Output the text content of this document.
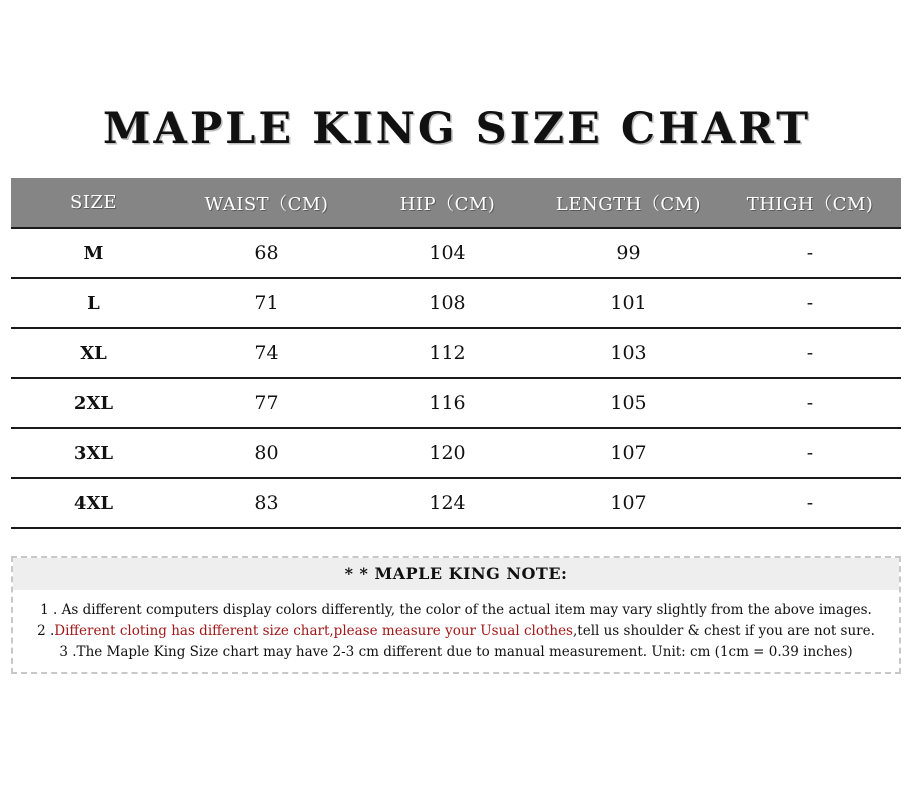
MAPLE KING SIZE CHART
SIZE	WAIST（CM)	HIP（CM)	LENGTH（CM)	THIGH（CM)
M	68	104	99	-
L	71	108	101	-
XL	74	112	103	-
2XL	77	116	105	-
3XL	80	120	107	-
4XL	83	124	107	-
* * MAPLE KING NOTE:
1 . As different computers display colors differently, the color of the actual item may vary slightly from the above images.
2 .Different cloting has different size chart,please measure your Usual clothes,tell us shoulder & chest if you are not sure.
3 .The Maple King Size chart may have 2-3 cm different due to manual measurement. Unit: cm (1cm = 0.39 inches)
